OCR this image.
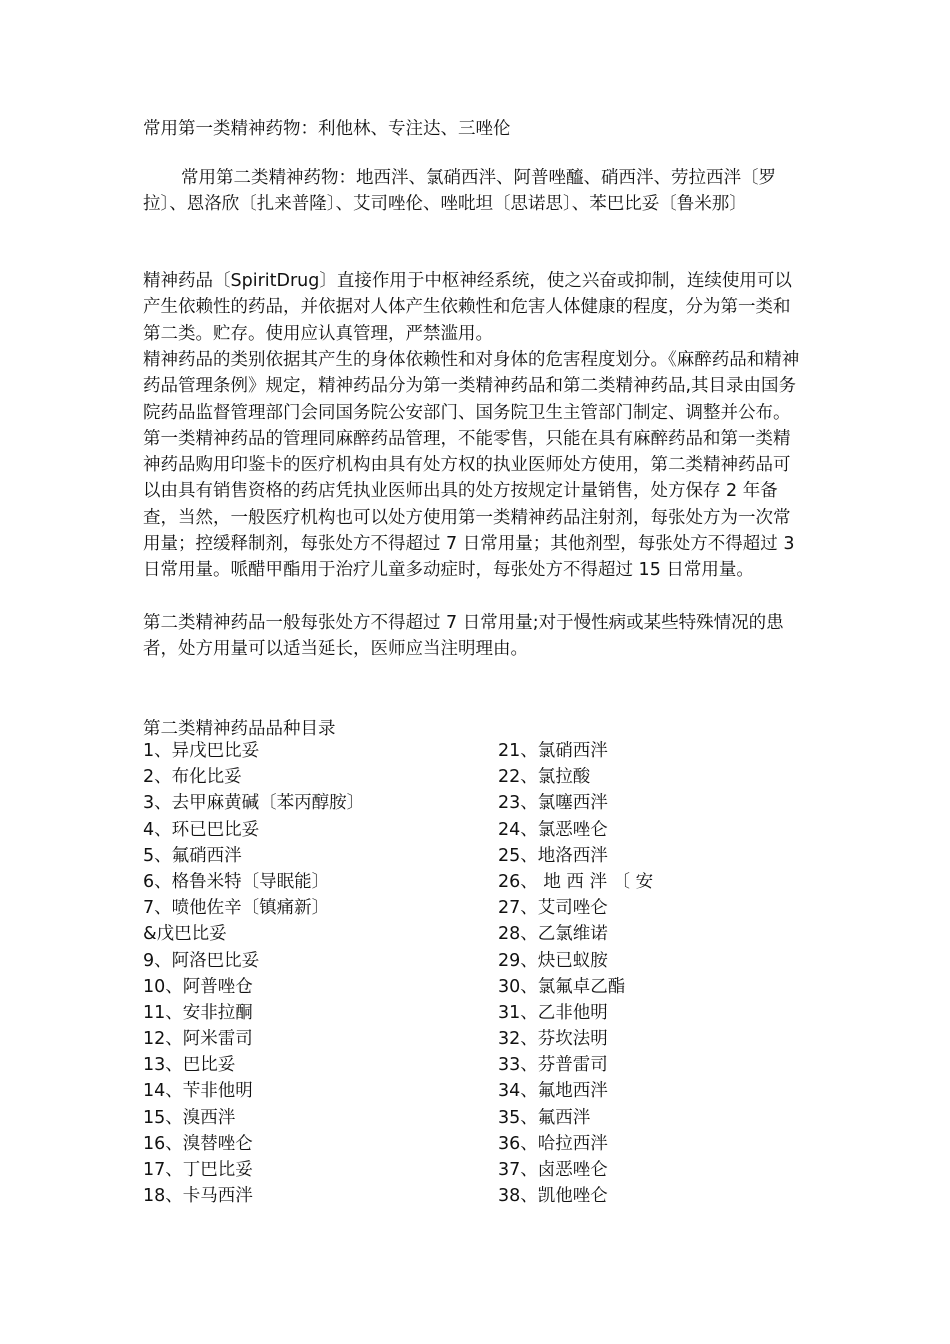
常用第一类精神药物：利他林、专注达、三唑伦

常用第二类精神药物：地西泮、氯硝西泮、阿普唑醯、硝西泮、劳拉西泮〔罗拉〕、恩洛欣〔扎来普隆〕、艾司唑伦、唑吡坦〔思诺思〕、苯巴比妥〔鲁米那〕

精神药品〔SpiritDrug〕直接作用于中枢神经系统，使之兴奋或抑制，连续使用可以产生依赖性的药品，并依据对人体产生依赖性和危害人体健康的程度，分为第一类和第二类。贮存。使用应认真管理，严禁滥用。

精神药品的类别依据其产生的身体依赖性和对身体的危害程度划分。《麻醉药品和精神药品管理条例》规定，精神药品分为第一类精神药品和第二类精神药品,其目录由国务院药品监督管理部门会同国务院公安部门、国务院卫生主管部门制定、调整并公布。第一类精神药品的管理同麻醉药品管理，不能零售，只能在具有麻醉药品和第一类精神药品购用印鉴卡的医疗机构由具有处方权的执业医师处方使用，第二类精神药品可以由具有销售资格的药店凭执业医师出具的处方按规定计量销售，处方保存 2 年备查，当然，一般医疗机构也可以处方使用第一类精神药品注射剂，每张处方为一次常用量；控缓释制剂，每张处方不得超过 7 日常用量；其他剂型，每张处方不得超过 3 日常用量。哌醋甲酯用于治疗儿童多动症时，每张处方不得超过 15 日常用量。

第二类精神药品一般每张处方不得超过 7 日常用量;对于慢性病或某些特殊情况的患者，处方用量可以适当延长，医师应当注明理由。

第二类精神药品品种目录
1、异戊巴比妥
2、布化比妥
3、去甲麻黄碱〔苯丙醇胺〕
4、环已巴比妥
5、氟硝西泮
6、格鲁米特〔导眠能〕
7、喷他佐辛〔镇痛新〕
&戊巴比妥
9、阿洛巴比妥
10、阿普唑仓
11、安非拉酮
12、阿米雷司
13、巴比妥
14、苄非他明
15、溴西泮
16、溴替唑仑
17、丁巴比妥
18、卡马西泮
21、氯硝西泮
22、氯拉酸
23、氯噻西泮
24、氯恶唑仑
25、地洛西泮
26、 地 西 泮 〔 安
27、艾司唑仑
28、乙氯维诺
29、炔已蚁胺
30、氯氟卓乙酯
31、乙非他明
32、芬坎法明
33、芬普雷司
34、氟地西泮
35、氟西泮
36、哈拉西泮
37、卤恶唑仑
38、凯他唑仑
